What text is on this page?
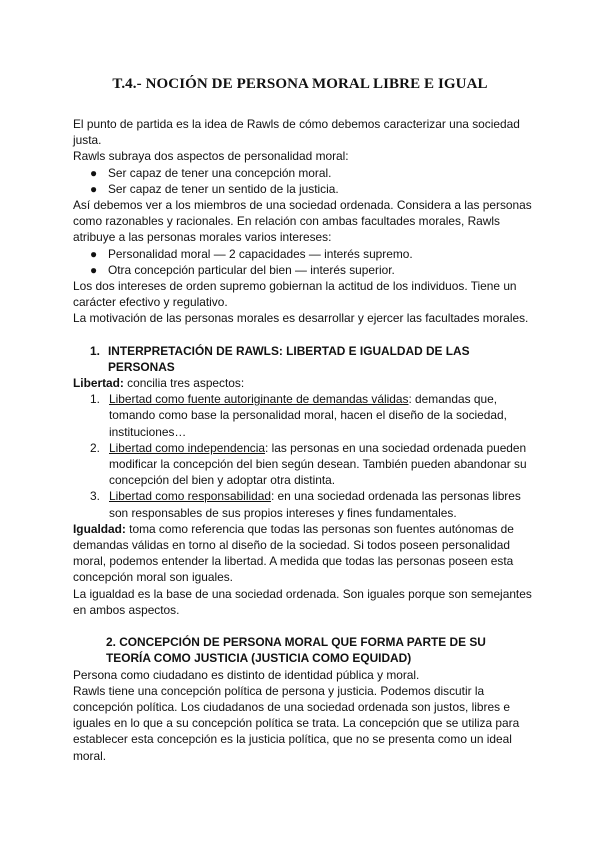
T.4.- NOCIÓN DE PERSONA MORAL LIBRE E IGUAL

El punto de partida es la idea de Rawls de cómo debemos caracterizar una sociedad justa.

Rawls subraya dos aspectos de personalidad moral:

● Ser capaz de tener una concepción moral.

● Ser capaz de tener un sentido de la justicia.

Así debemos ver a los miembros de una sociedad ordenada. Considera a las personas como razonables y racionales. En relación con ambas facultades morales, Rawls atribuye a las personas morales varios intereses:

● Personalidad moral — 2 capacidades — interés supremo.

● Otra concepción particular del bien — interés superior.

Los dos intereses de orden supremo gobiernan la actitud de los individuos. Tiene un carácter efectivo y regulativo.

La motivación de las personas morales es desarrollar y ejercer las facultades morales.

1. INTERPRETACIÓN DE RAWLS: LIBERTAD E IGUALDAD DE LAS PERSONAS

Libertad: concilia tres aspectos:

1. Libertad como fuente autoriginante de demandas válidas: demandas que, tomando como base la personalidad moral, hacen el diseño de la sociedad, instituciones…

2. Libertad como independencia: las personas en una sociedad ordenada pueden modificar la concepción del bien según desean. También pueden abandonar su concepción del bien y adoptar otra distinta.

3. Libertad como responsabilidad: en una sociedad ordenada las personas libres son responsables de sus propios intereses y fines fundamentales.

Igualdad: toma como referencia que todas las personas son fuentes autónomas de demandas válidas en torno al diseño de la sociedad. Si todos poseen personalidad moral, podemos entender la libertad. A medida que todas las personas poseen esta concepción moral son iguales.

La igualdad es la base de una sociedad ordenada. Son iguales porque son semejantes en ambos aspectos.

2. CONCEPCIÓN DE PERSONA MORAL QUE FORMA PARTE DE SU TEORÍA COMO JUSTICIA (JUSTICIA COMO EQUIDAD)

Persona como ciudadano es distinto de identidad pública y moral.

Rawls tiene una concepción política de persona y justicia. Podemos discutir la concepción política. Los ciudadanos de una sociedad ordenada son justos, libres e iguales en lo que a su concepción política se trata. La concepción que se utiliza para establecer esta concepción es la justicia política, que no se presenta como un ideal moral.
